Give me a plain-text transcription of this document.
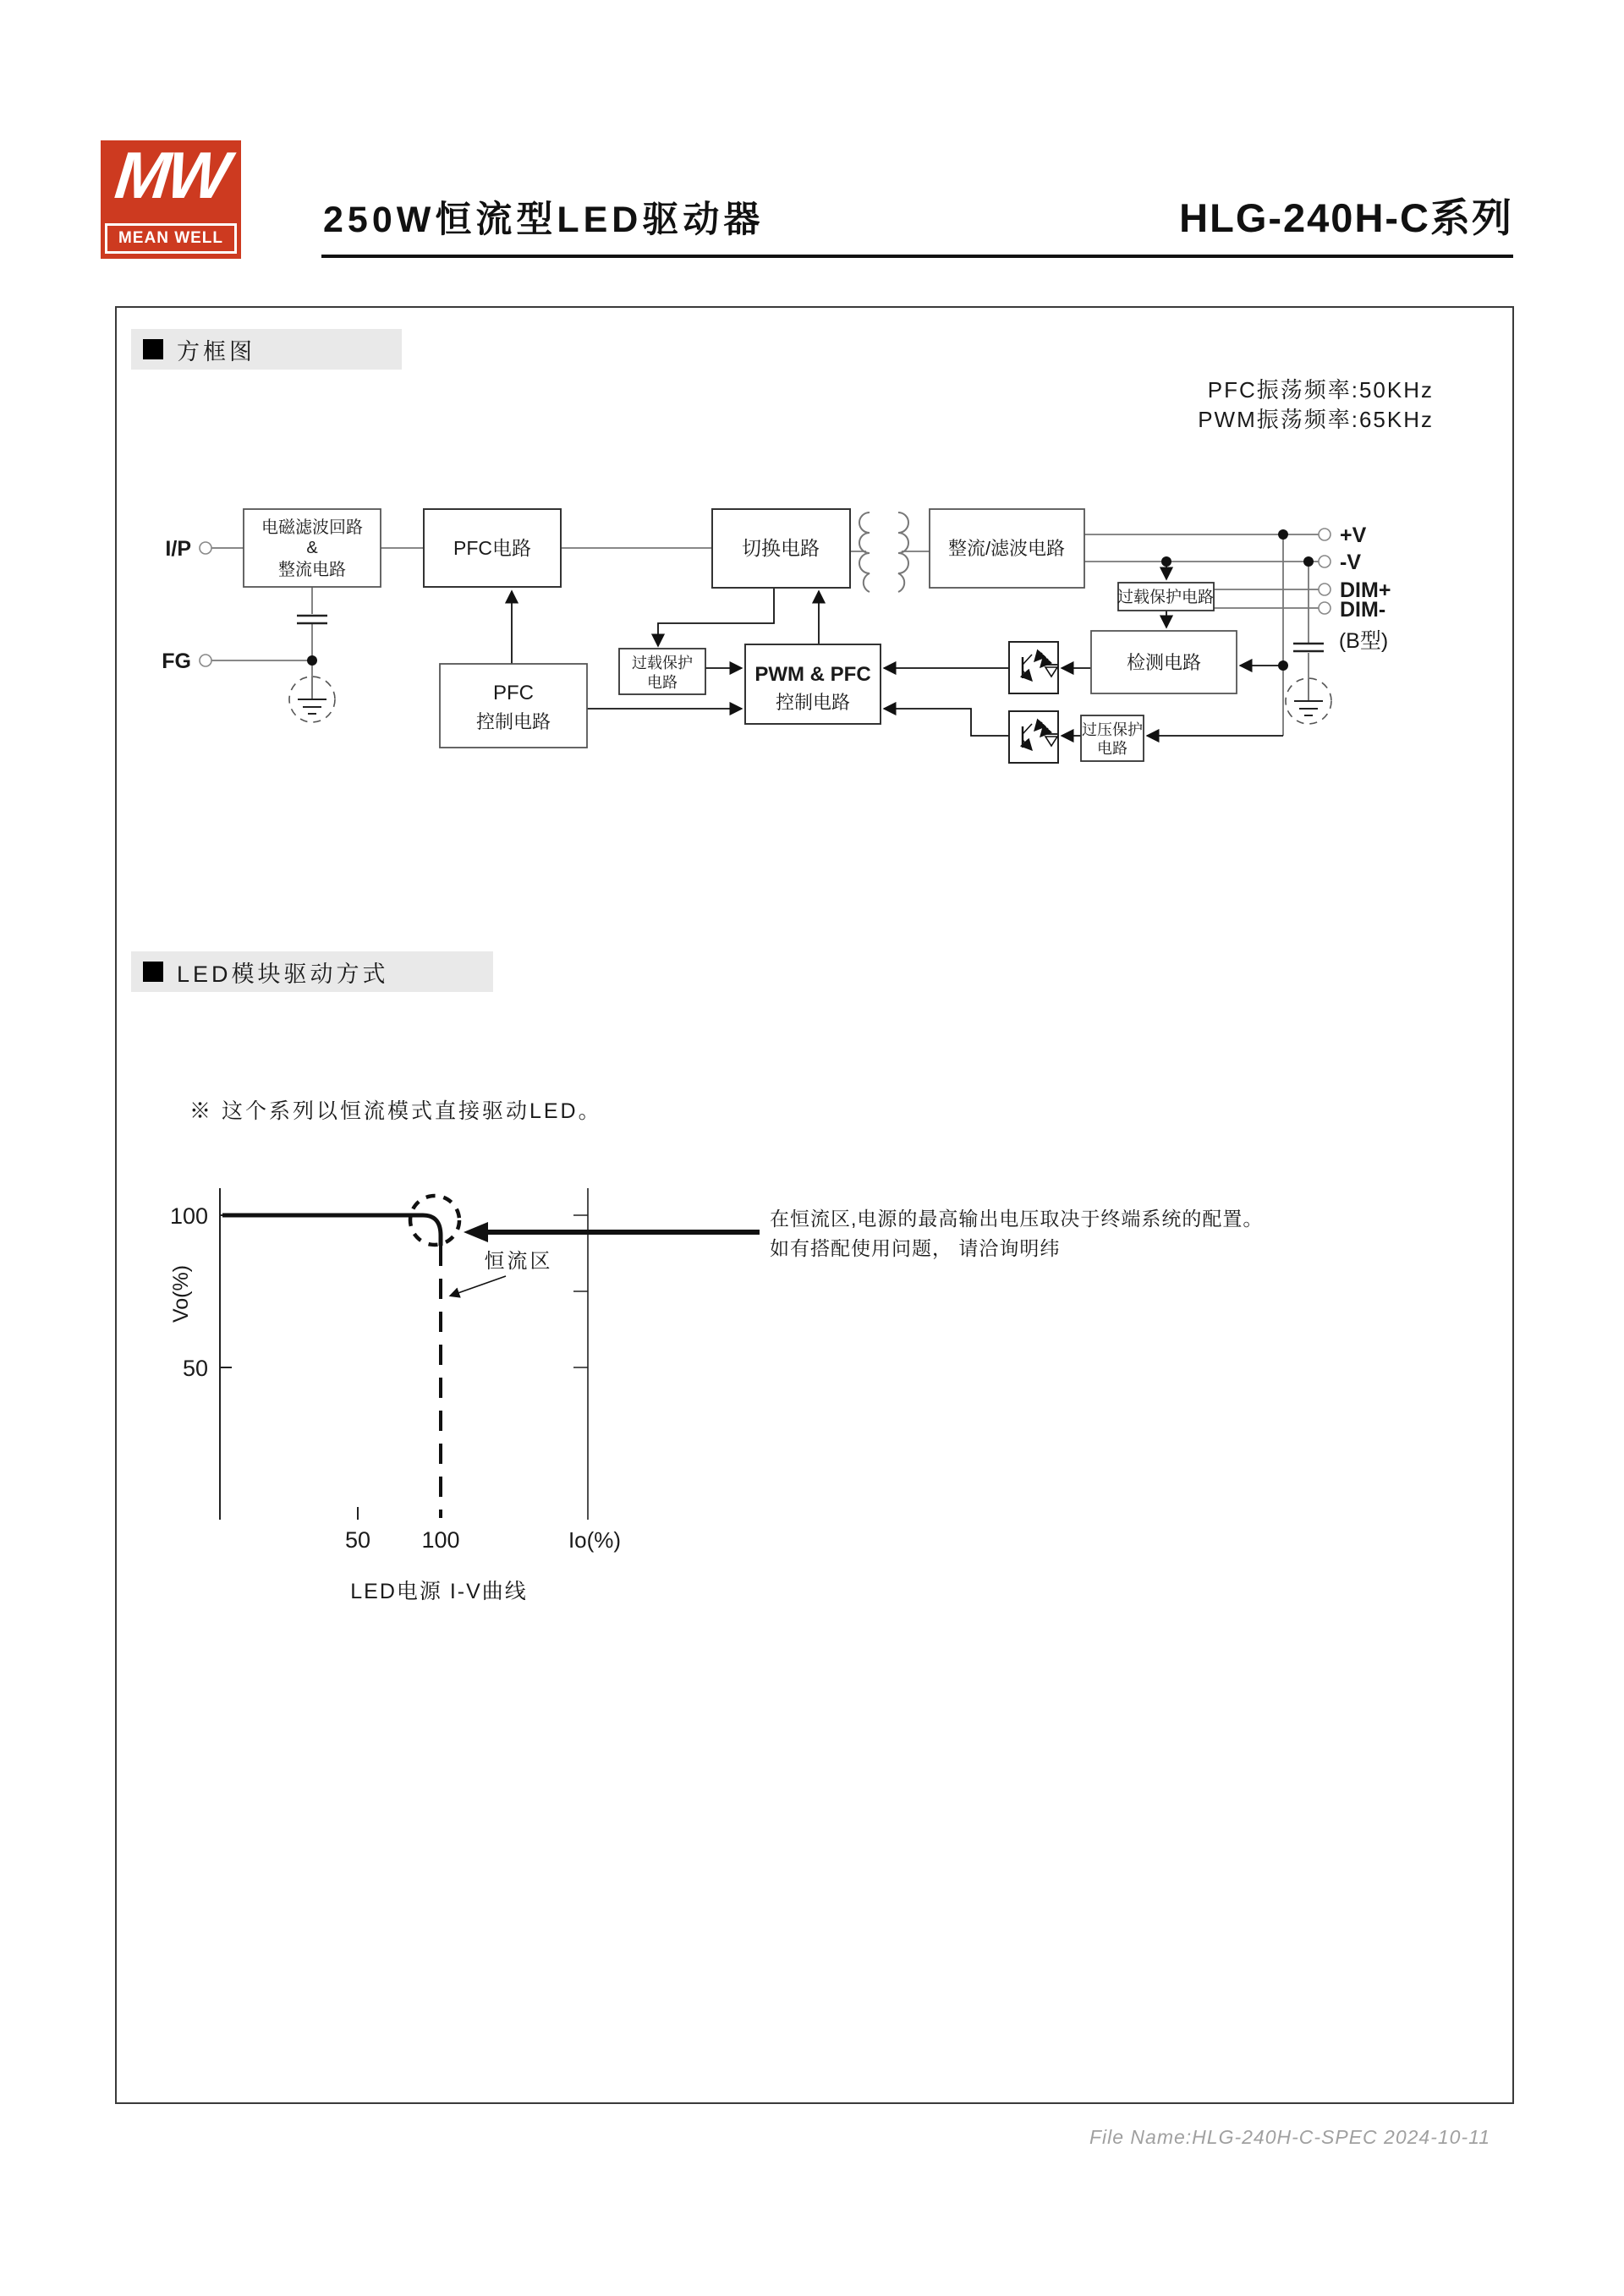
MW
MEAN WELL	250W恒流型LED驱动器	HLG-240H-C系列
方框图
PFC振荡频率:50KHz
PWM振荡频率:65KHz
I/P
FG
+V
-V
DIM+
DIM-
(B型)
电磁滤波回路
&
整流电路
PFC电路	切换电路	整流/滤波电路
PFC
控制电路
过载保护
电路	PWM & PFC
控制电路
过载保护电路
检测电路
过压保护
电路
LED模块驱动方式
※ 这个系列以恒流模式直接驱动LED。
恒流区
100
50
Vo(%)
50 100	Io(%)
LED电源 I-V曲线
在恒流区,电源的最高输出电压取决于终端系统的配置。
如有搭配使用问题， 请洽询明纬
File Name:HLG-240H-C-SPEC 2024-10-11
